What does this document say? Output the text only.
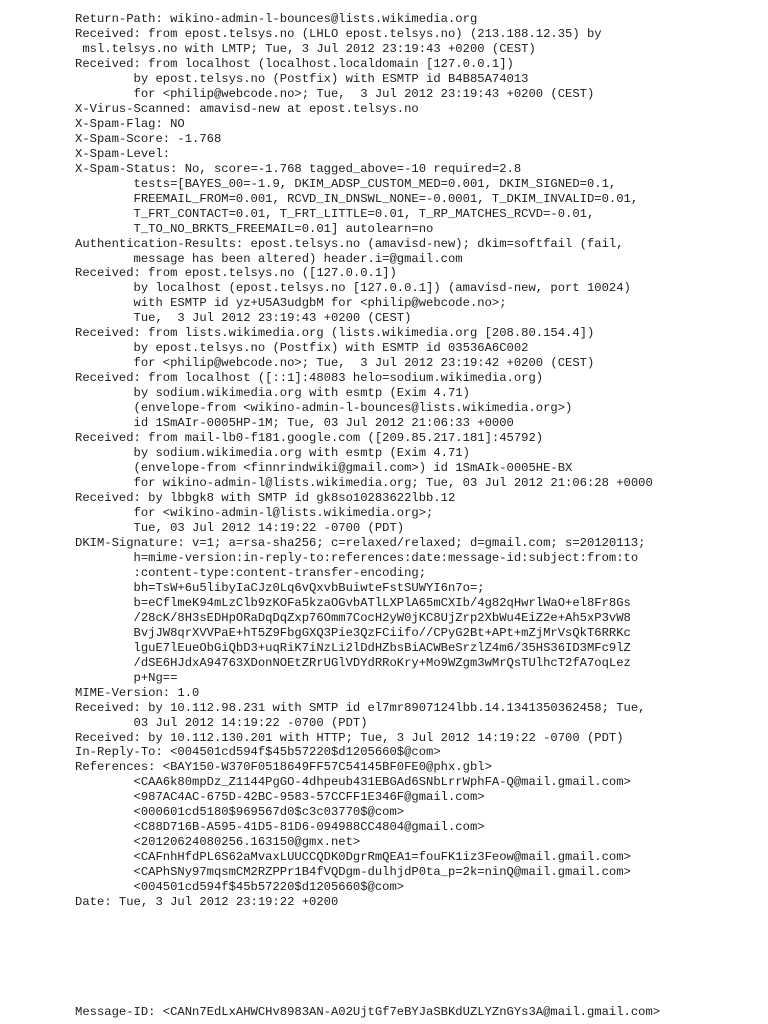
Return-Path: wikino-admin-l-bounces@lists.wikimedia.org
Received: from epost.telsys.no (LHLO epost.telsys.no) (213.188.12.35) by
msl.telsys.no with LMTP; Tue, 3 Jul 2012 23:19:43 +0200 (CEST)
Received: from localhost (localhost.localdomain [127.0.0.1])
by epost.telsys.no (Postfix) with ESMTP id B4B85A74013
for <philip@webcode.no>; Tue,  3 Jul 2012 23:19:43 +0200 (CEST)
X-Virus-Scanned: amavisd-new at epost.telsys.no
X-Spam-Flag: NO
X-Spam-Score: -1.768
X-Spam-Level:
X-Spam-Status: No, score=-1.768 tagged_above=-10 required=2.8
tests=[BAYES_00=-1.9, DKIM_ADSP_CUSTOM_MED=0.001, DKIM_SIGNED=0.1,
FREEMAIL_FROM=0.001, RCVD_IN_DNSWL_NONE=-0.0001, T_DKIM_INVALID=0.01,
T_FRT_CONTACT=0.01, T_FRT_LITTLE=0.01, T_RP_MATCHES_RCVD=-0.01,
T_TO_NO_BRKTS_FREEMAIL=0.01] autolearn=no
Authentication-Results: epost.telsys.no (amavisd-new); dkim=softfail (fail,
message has been altered) header.i=@gmail.com
Received: from epost.telsys.no ([127.0.0.1])
by localhost (epost.telsys.no [127.0.0.1]) (amavisd-new, port 10024)
with ESMTP id yz+U5A3udgbM for <philip@webcode.no>;
Tue,  3 Jul 2012 23:19:43 +0200 (CEST)
Received: from lists.wikimedia.org (lists.wikimedia.org [208.80.154.4])
by epost.telsys.no (Postfix) with ESMTP id 03536A6C002
for <philip@webcode.no>; Tue,  3 Jul 2012 23:19:42 +0200 (CEST)
Received: from localhost ([::1]:48083 helo=sodium.wikimedia.org)
by sodium.wikimedia.org with esmtp (Exim 4.71)
(envelope-from <wikino-admin-l-bounces@lists.wikimedia.org>)
id 1SmAIr-0005HP-1M; Tue, 03 Jul 2012 21:06:33 +0000
Received: from mail-lb0-f181.google.com ([209.85.217.181]:45792)
by sodium.wikimedia.org with esmtp (Exim 4.71)
(envelope-from <finnrindwiki@gmail.com>) id 1SmAIk-0005HE-BX
for wikino-admin-l@lists.wikimedia.org; Tue, 03 Jul 2012 21:06:28 +0000
Received: by lbbgk8 with SMTP id gk8so10283622lbb.12
for <wikino-admin-l@lists.wikimedia.org>;
Tue, 03 Jul 2012 14:19:22 -0700 (PDT)
DKIM-Signature: v=1; a=rsa-sha256; c=relaxed/relaxed; d=gmail.com; s=20120113;
h=mime-version:in-reply-to:references:date:message-id:subject:from:to
:content-type:content-transfer-encoding;
bh=TsW+6u5libyIaCJz0Lq6vQxvbBuiwteFstSUWYI6n7o=;
b=eCflmeK94mLzClb9zKOFa5kzaOGvbATlLXPlA65mCXIb/4g82qHwrlWaO+el8Fr8Gs
/28cK/8H3sEDHpORaDqDqZxp76Omm7CocH2yW0jKC8UjZrp2XbWu4EiZ2e+Ah5xP3vW8
BvjJW8qrXVVPaE+hT5Z9FbgGXQ3Pie3QzFCiifo//CPyG2Bt+APt+mZjMrVsQkT6RRKc
lguE7lEueObGiQbD3+uqRiK7iNzLi2lDdHZbsBiACWBeSrzlZ4m6/35HS36ID3MFc9lZ
/dSE6HJdxA94763XDonNOEtZRrUGlVDYdRRoKry+Mo9WZgm3wMrQsTUlhcT2fA7oqLez
p+Ng==
MIME-Version: 1.0
Received: by 10.112.98.231 with SMTP id el7mr8907124lbb.14.1341350362458; Tue,
03 Jul 2012 14:19:22 -0700 (PDT)
Received: by 10.112.130.201 with HTTP; Tue, 3 Jul 2012 14:19:22 -0700 (PDT)
In-Reply-To: <004501cd594f$45b57220$d1205660$@com>
References: <BAY150-W370F0518649FF57C54145BF0FE0@phx.gbl>
<CAA6k80mpDz_Z1144PgGO-4dhpeub431EBGAd6SNbLrrWphFA-Q@mail.gmail.com>
<987AC4AC-675D-42BC-9583-57CCFF1E346F@gmail.com>
<000601cd5180$969567d0$c3c03770$@com>
<C88D716B-A595-41D5-81D6-094988CC4804@gmail.com>
<20120624080256.163150@gmx.net>
<CAFnhHfdPL6S62aMvaxLUUCCQDK0DgrRmQEA1=fouFK1iz3Feow@mail.gmail.com>
<CAPhSNy97mqsmCM2RZPPr1B4fVQDgm-dulhjdP0ta_p=2k=ninQ@mail.gmail.com>
<004501cd594f$45b57220$d1205660$@com>
Date: Tue, 3 Jul 2012 23:19:22 +0200
Message-ID: <CANn7EdLxAHWCHv8983AN-A02UjtGf7eBYJaSBKdUZLYZnGYs3A@mail.gmail.com>
